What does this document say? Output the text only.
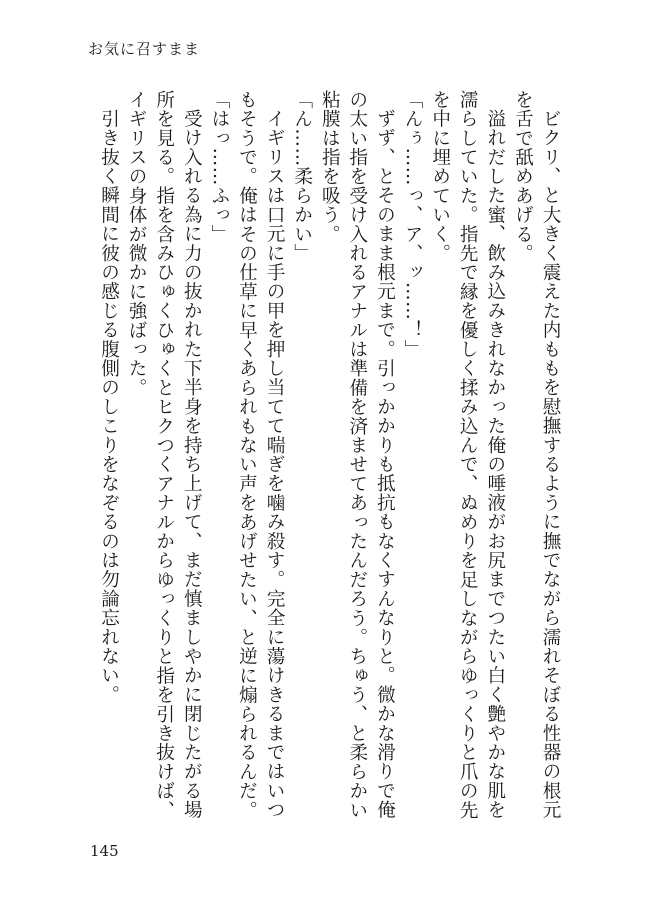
お気に召すまま

ビクリ、と大きく震えた内ももを慰撫するように撫でながら濡れそぼる性器の根元を舌で舐めあげる。

溢れだした蜜、飲み込みきれなかった俺の唾液がお尻までつたい白く艶やかな肌を濡らしていた。指先で縁を優しく揉み込んで、ぬめりを足しながらゆっくりと爪の先を中に埋めていく。

「んぅ……っ、ア、ッ……！」

ずず、とそのまま根元まで。引っかかりも抵抗もなくすんなりと。微かな滑りで俺の太い指を受け入れるアナルは準備を済ませてあったんだろう。ちゅう、と柔らかい粘膜は指を吸う。

「ん……柔らかい」

イギリスは口元に手の甲を押し当てて喘ぎを噛み殺す。完全に蕩けきるまではいつもそうで。俺はその仕草に早くあられもない声をあげせたい、と逆に煽られるんだ。

「はっ……ふっ」

受け入れる為に力の抜かれた下半身を持ち上げて、まだ慎ましやかに閉じたがる場所を見る。指を含みひゅくひゅくとヒクつくアナルからゆっくりと指を引き抜けば、イギリスの身体が微かに強ばった。

引き抜く瞬間に彼の感じる腹側のしこりをなぞるのは勿論忘れない。

145
